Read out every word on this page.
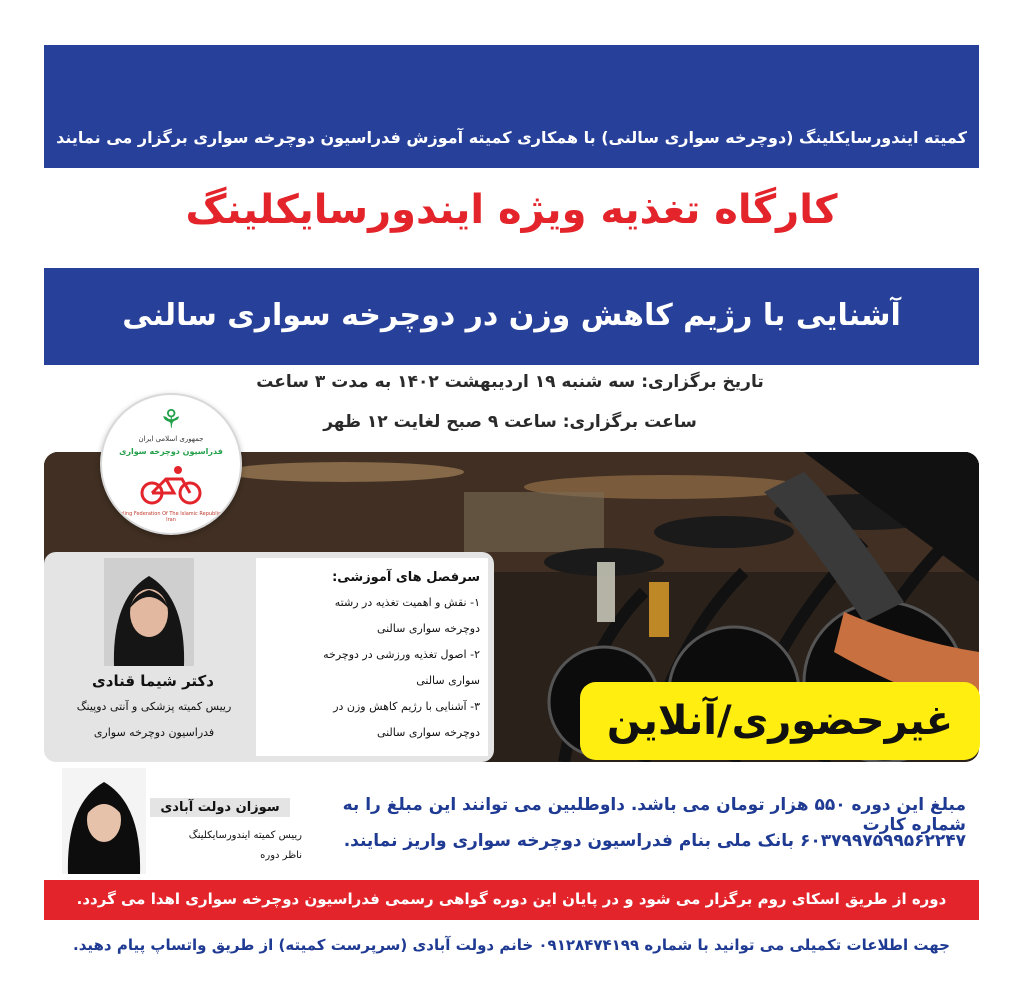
کمیته ایندورسایکلینگ (دوچرخه سواری سالنی) با همکاری کمیته آموزش فدراسیون دوچرخه سواری برگزار می نمایند
کارگاه تغذیه ویژه ایندورسایکلینگ
آشنایی با رژیم کاهش وزن در دوچرخه سواری سالنی
تاریخ برگزاری: سه شنبه ۱۹ اردیبهشت ۱۴۰۲ به مدت ۳ ساعت
ساعت برگزاری: ساعت ۹ صبح لغایت ۱۲ ظهر
⚘
جمهوری اسلامی ایران
فدراسیون دوچرخه سواری
Cycling Federation Of The Islamic Republic Of Iran
دکتر شیما قنادی
رییس کمیته پزشکی و آنتی دوپینگ
فدراسیون دوچرخه سواری
سرفصل های آموزشی:
۱- نقش و اهمیت تغذیه در رشته
دوچرخه سواری سالنی
۲- اصول تغذیه ورزشی در دوچرخه
سواری سالنی
۳- آشنایی با رژیم کاهش وزن در
دوچرخه سواری سالنی	غیرحضوری/آنلاین
سوزان دولت آبادی
رییس کمیته ایندورسایکلینگ
ناظر دوره
مبلغ این دوره ۵۵۰ هزار تومان می باشد. داوطلبین می توانند این مبلغ را به شماره کارت
۶۰۳۷۹۹۷۵۹۹۵۶۲۲۴۷ بانک ملی بنام فدراسیون دوچرخه سواری واریز نمایند.
دوره از طریق اسکای روم برگزار می شود و در پایان این دوره گواهی رسمی فدراسیون دوچرخه سواری اهدا می گردد.
جهت اطلاعات تکمیلی می توانید با شماره ۰۹۱۲۸۴۷۴۱۹۹ خانم دولت آبادی (سرپرست کمیته) از طریق واتساپ پیام دهید.
